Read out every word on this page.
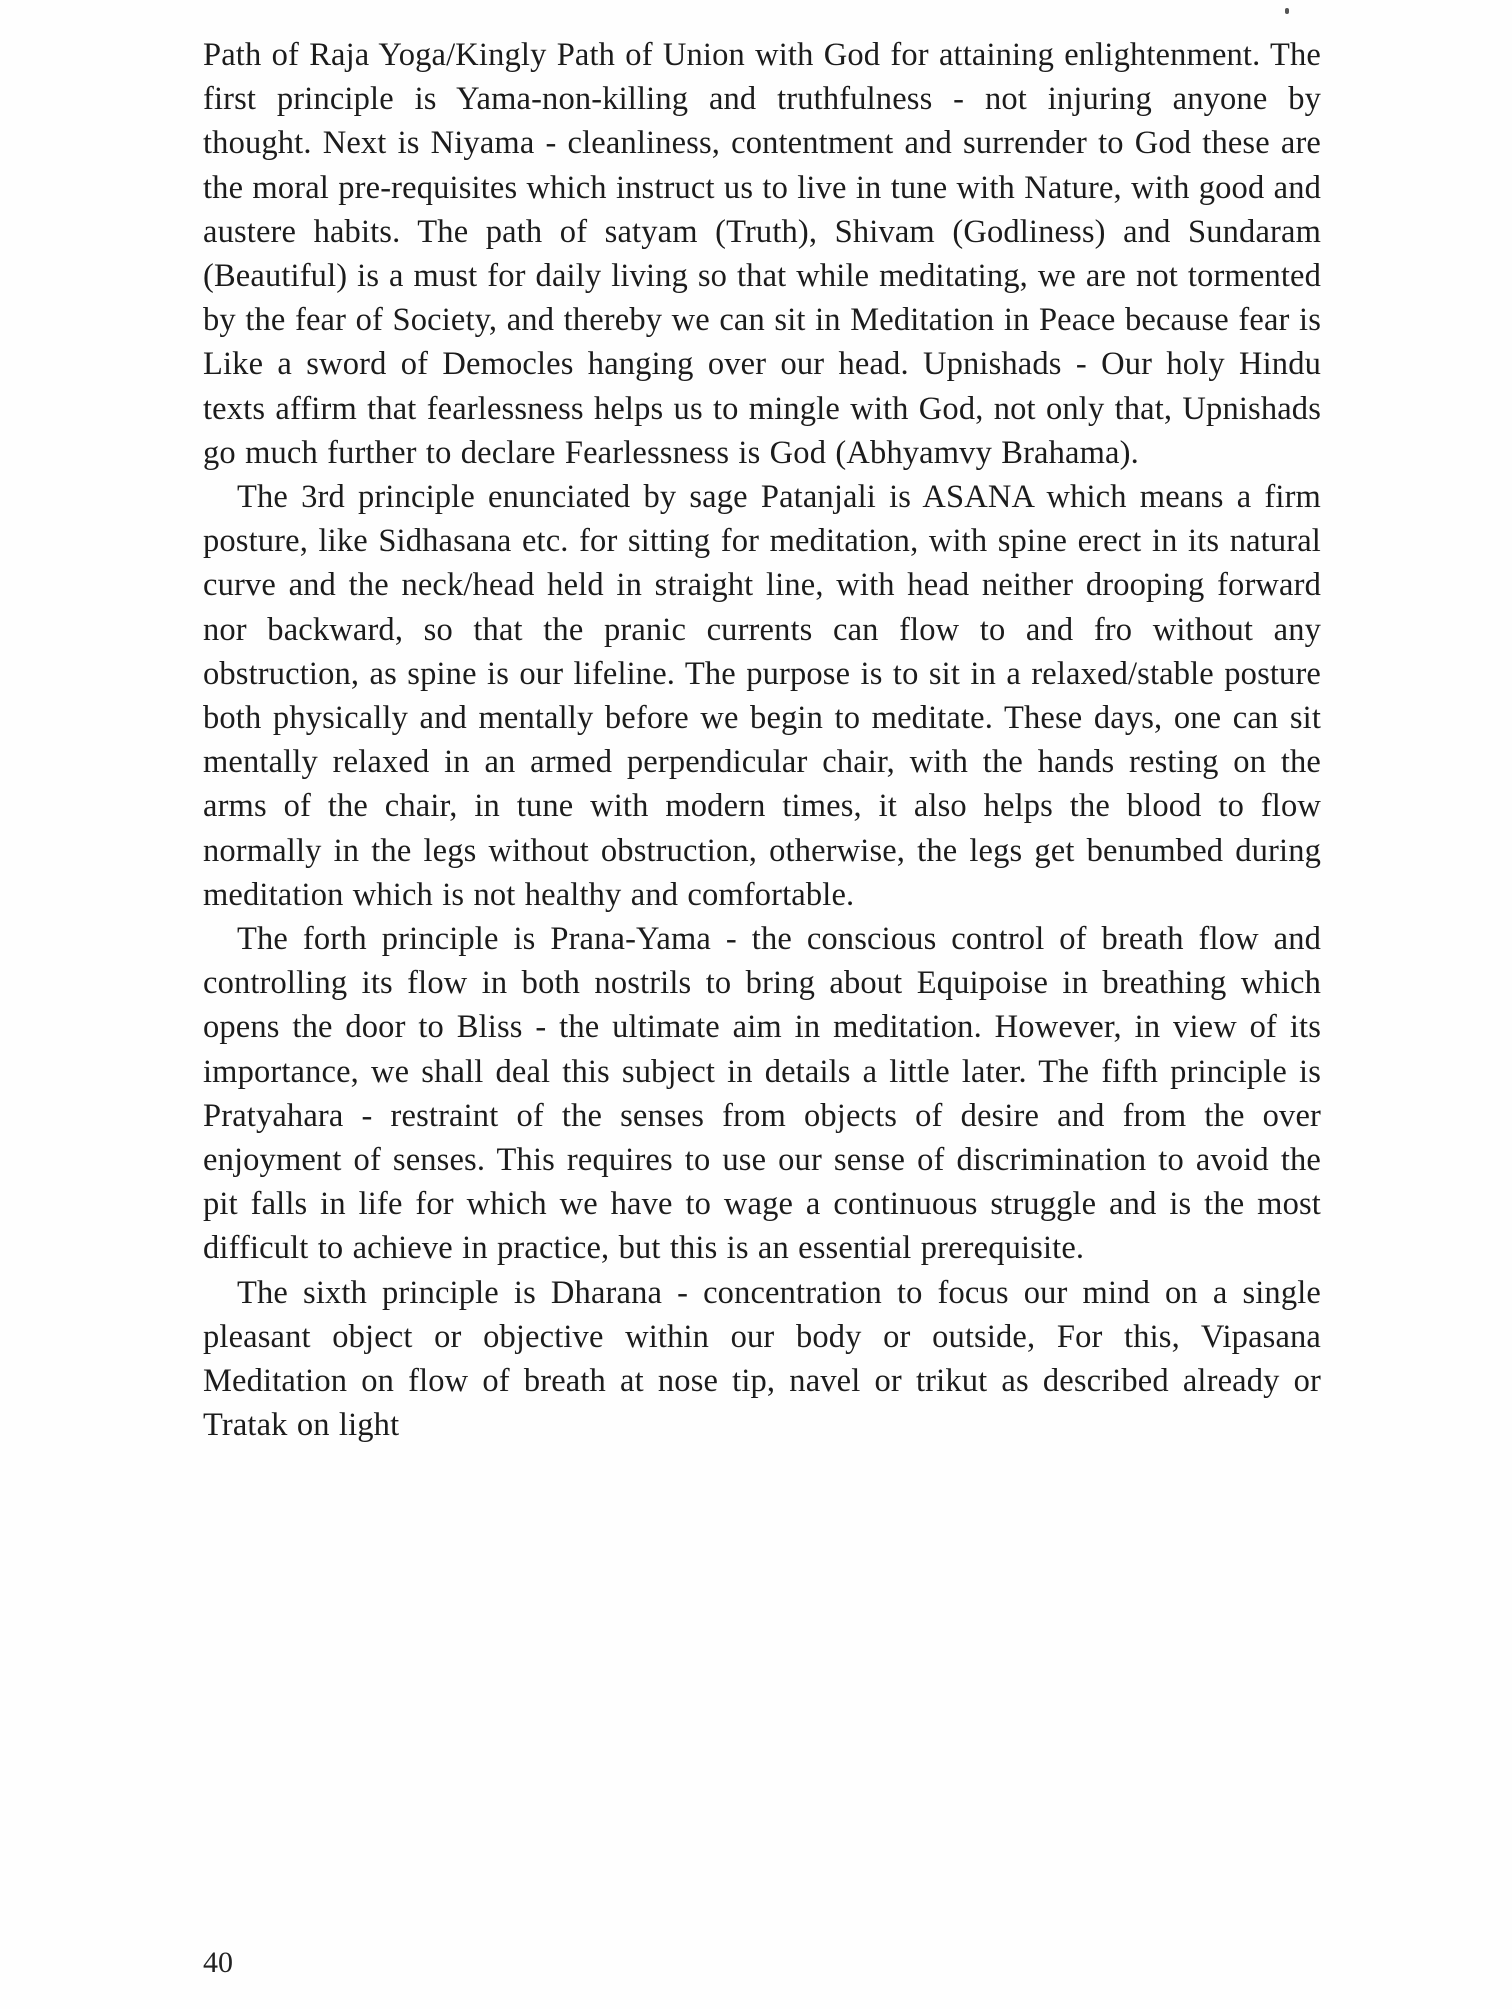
Path of Raja Yoga/Kingly Path of Union with God for attaining enlightenment. The first principle is Yama-non-killing and truthfulness - not injuring anyone by thought. Next is Niyama - cleanliness, contentment and surrender to God these are the moral pre-requisites which instruct us to live in tune with Nature, with good and austere habits. The path of satyam (Truth), Shivam (Godliness) and Sundaram (Beautiful) is a must for daily living so that while meditating, we are not tormented by the fear of Society, and thereby we can sit in Meditation in Peace because fear is Like a sword of Democles hanging over our head. Upnishads - Our holy Hindu texts affirm that fearlessness helps us to mingle with God, not only that, Upnishads go much further to declare Fearlessness is God (Abhyamvy Brahama).

The 3rd principle enunciated by sage Patanjali is ASANA which means a firm posture, like Sidhasana etc. for sitting for meditation, with spine erect in its natural curve and the neck/head held in straight line, with head neither drooping forward nor backward, so that the pranic currents can flow to and fro without any obstruction, as spine is our lifeline. The purpose is to sit in a relaxed/stable posture both physically and mentally before we begin to meditate. These days, one can sit mentally relaxed in an armed perpendicular chair, with the hands resting on the arms of the chair, in tune with modern times, it also helps the blood to flow normally in the legs without obstruction, otherwise, the legs get benumbed during meditation which is not healthy and comfortable.

The forth principle is Prana-Yama - the conscious control of breath flow and controlling its flow in both nostrils to bring about Equipoise in breathing which opens the door to Bliss - the ultimate aim in meditation. However, in view of its importance, we shall deal this subject in details a little later. The fifth principle is Pratyahara - restraint of the senses from objects of desire and from the over enjoyment of senses. This requires to use our sense of discrimination to avoid the pit falls in life for which we have to wage a continuous struggle and is the most difficult to achieve in practice, but this is an essential prerequisite.

The sixth principle is Dharana - concentration to focus our mind on a single pleasant object or objective within our body or outside, For this, Vipasana Meditation on flow of breath at nose tip, navel or trikut as described already or Tratak on light

40
